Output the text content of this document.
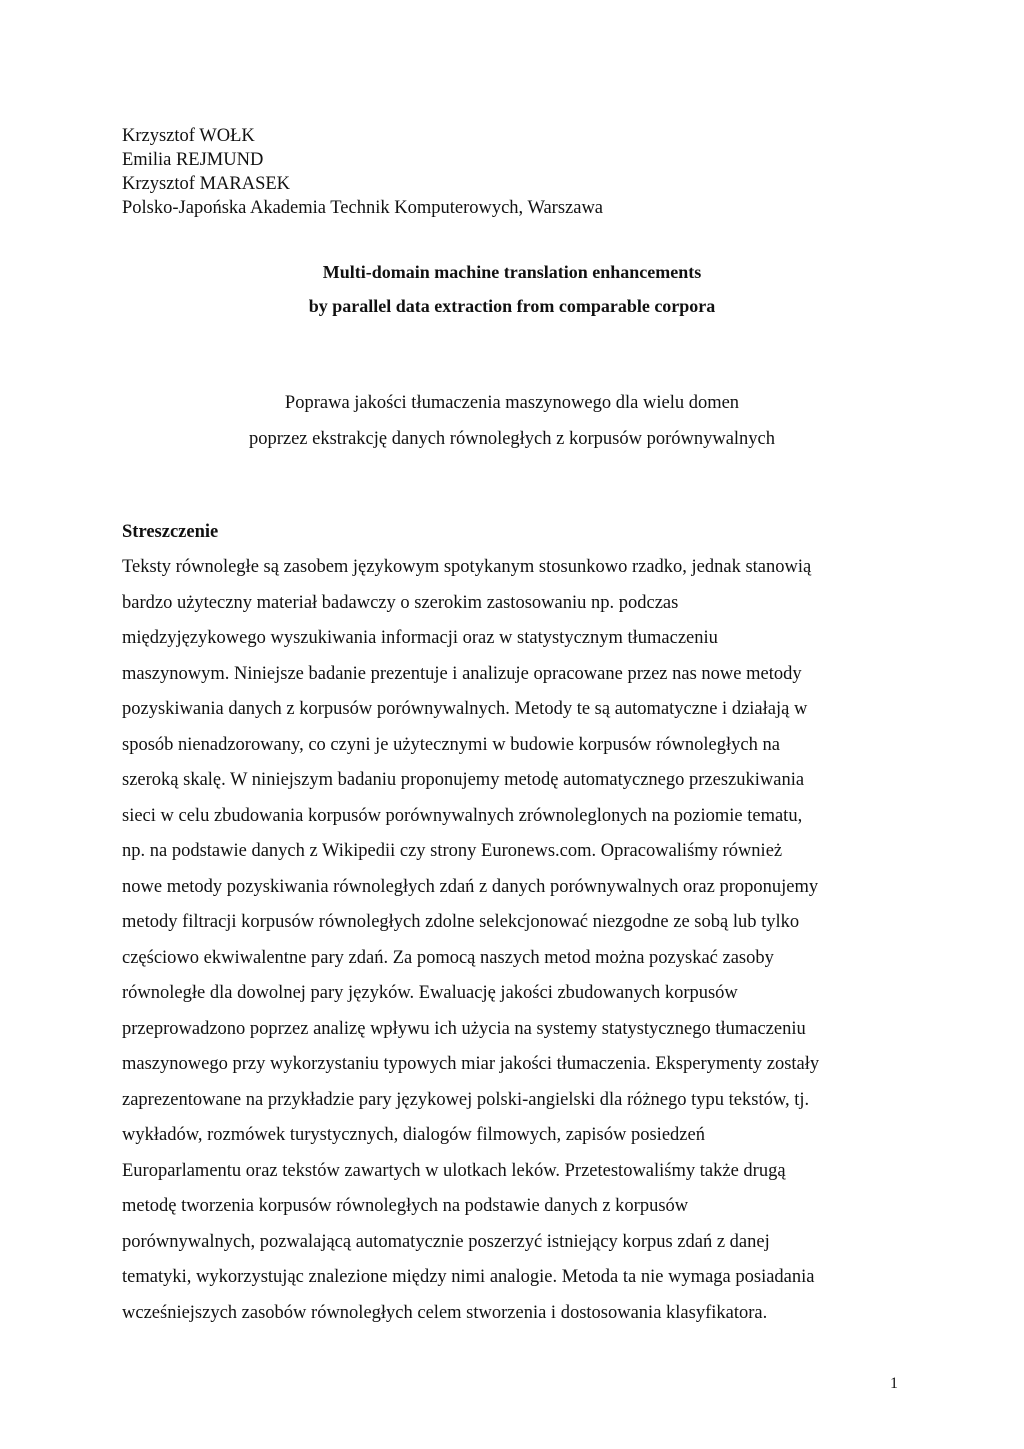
Krzysztof WOŁK
Emilia REJMUND
Krzysztof MARASEK
Polsko-Japońska Akademia Technik Komputerowych, Warszawa
Multi-domain machine translation enhancements
by parallel data extraction from comparable corpora
Poprawa jakości tłumaczenia maszynowego dla wielu domen
poprzez ekstrakcję danych równoległych z korpusów porównywalnych
Streszczenie
Teksty równoległe są zasobem językowym spotykanym stosunkowo rzadko, jednak stanowią
bardzo użyteczny materiał badawczy o szerokim zastosowaniu np. podczas
międzyjęzykowego wyszukiwania informacji oraz w statystycznym tłumaczeniu
maszynowym. Niniejsze badanie prezentuje i analizuje opracowane przez nas nowe metody
pozyskiwania danych z korpusów porównywalnych. Metody te są automatyczne i działają w
sposób nienadzorowany, co czyni je użytecznymi w budowie korpusów równoległych na
szeroką skalę. W niniejszym badaniu proponujemy metodę automatycznego przeszukiwania
sieci w celu zbudowania korpusów porównywalnych zrównoleglonych na poziomie tematu,
np. na podstawie danych z Wikipedii czy strony Euronews.com. Opracowaliśmy również
nowe metody pozyskiwania równoległych zdań z danych porównywalnych oraz proponujemy
metody filtracji korpusów równoległych zdolne selekcjonować niezgodne ze sobą lub tylko
częściowo ekwiwalentne pary zdań. Za pomocą naszych metod można pozyskać zasoby
równoległe dla dowolnej pary języków. Ewaluację jakości zbudowanych korpusów
przeprowadzono poprzez analizę wpływu ich użycia na systemy statystycznego tłumaczeniu
maszynowego przy wykorzystaniu typowych miar jakości tłumaczenia. Eksperymenty zostały
zaprezentowane na przykładzie pary językowej polski-angielski dla różnego typu tekstów, tj.
wykładów, rozmówek turystycznych, dialogów filmowych, zapisów posiedzeń
Europarlamentu oraz tekstów zawartych w ulotkach leków. Przetestowaliśmy także drugą
metodę tworzenia korpusów równoległych na podstawie danych z korpusów
porównywalnych, pozwalającą automatycznie poszerzyć istniejący korpus zdań z danej
tematyki, wykorzystując znalezione między nimi analogie. Metoda ta nie wymaga posiadania
wcześniejszych zasobów równoległych celem stworzenia i dostosowania klasyfikatora.
1
